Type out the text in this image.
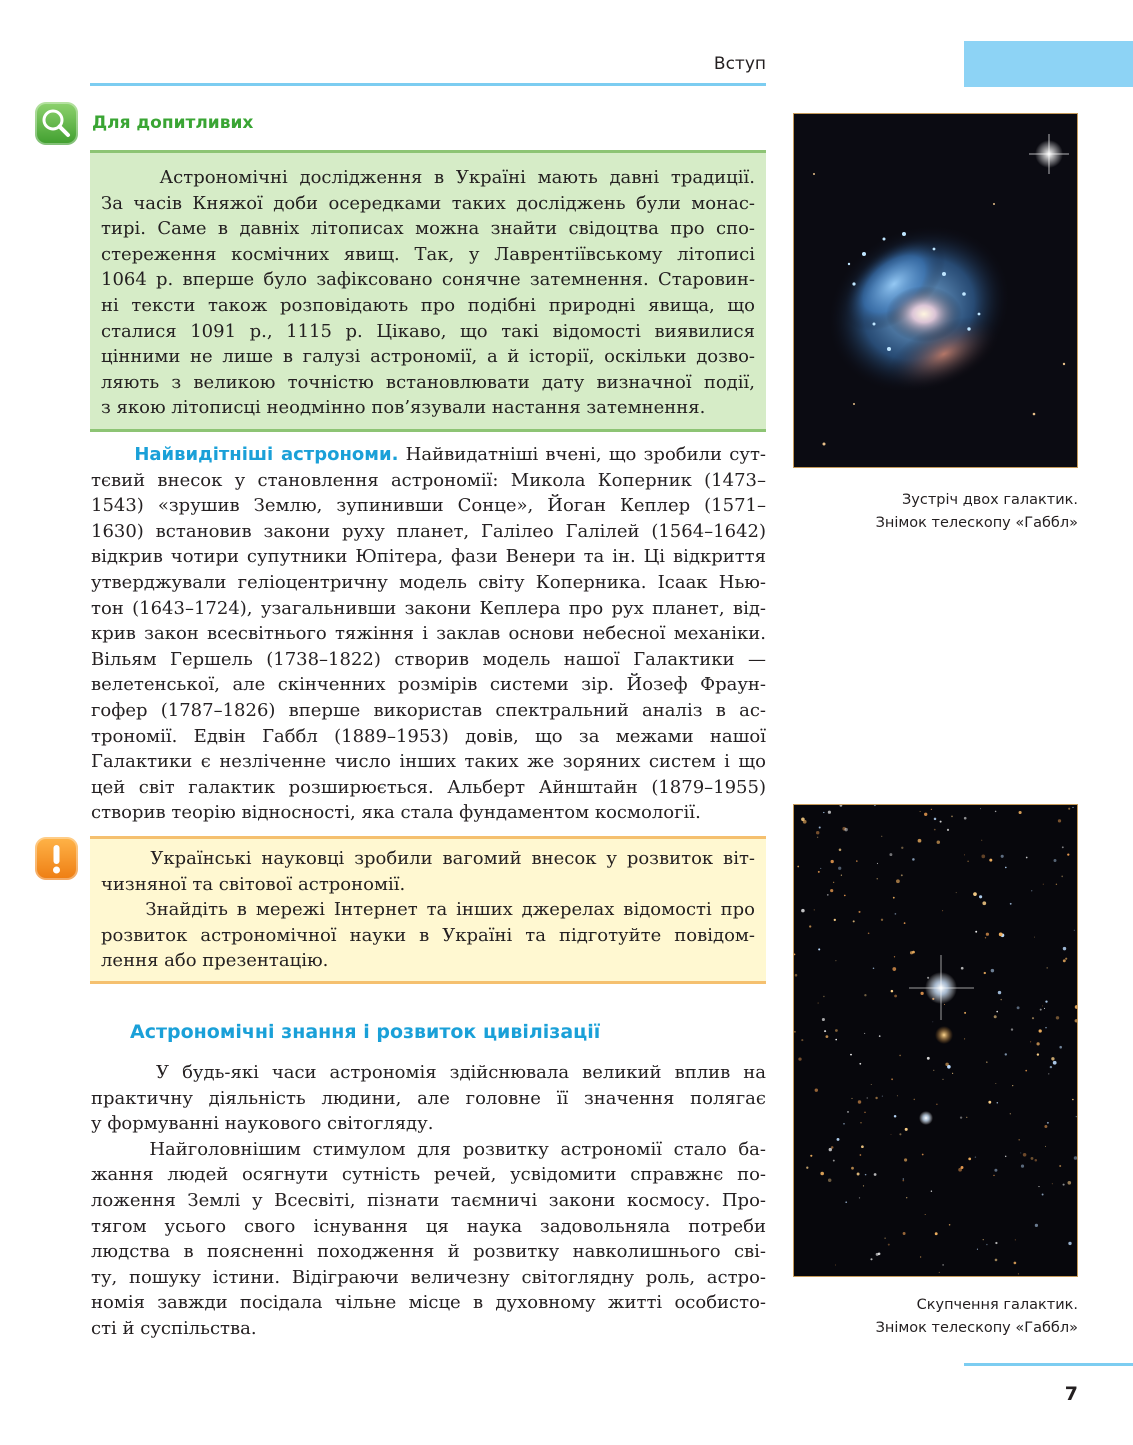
Вступ
Для допитливих
Астрономічні дослідження в Україні мають давні традиції.
За часів Княжої доби осередками таких досліджень були монас-
тирі. Саме в давніх літописах можна знайти свідоцтва про спо-
стереження космічних явищ. Так, у Лаврентіївському літописі
1064 р. вперше було зафіксовано сонячне затемнення. Старовин-
ні тексти також розповідають про подібні природні явища, що
сталися 1091 р., 1115 р. Цікаво, що такі відомості виявилися
цінними не лише в галузі астрономії, а й історії, оскільки дозво-
ляють з великою точністю встановлювати дату визначної події,
з якою літописці неодмінно пов’язували настання затемнення.
Найвидітніші астрономи. Найвидатніші вчені, що зробили сут-
тєвий внесок у становлення астрономії: Микола Коперник (1473–
1543) «зрушив Землю, зупинивши Сонце», Йоган Кеплер (1571–
1630) встановив закони руху планет, Галілео Галілей (1564–1642)
відкрив чотири супутники Юпітера, фази Венери та ін. Ці відкриття
утверджували геліоцентричну модель світу Коперника. Ісаак Нью-
тон (1643–1724), узагальнивши закони Кеплера про рух планет, від-
крив закон всесвітнього тяжіння і заклав основи небесної механіки.
Вільям Гершель (1738–1822) створив модель нашої Галактики —
велетенської, але скінченних розмірів системи зір. Йозеф Фраун-
гофер (1787–1826) вперше використав спектральний аналіз в ас-
трономії. Едвін Габбл (1889–1953) довів, що за межами нашої
Галактики є незліченне число інших таких же зоряних систем і що
цей світ галактик розширюється. Альберт Айнштайн (1879–1955)
створив теорію відносності, яка стала фундаментом космології.
Українські науковці зробили вагомий внесок у розвиток віт-
чизняної та світової астрономії.
Знайдіть в мережі Інтернет та інших джерелах відомості про
розвиток астрономічної науки в Україні та підготуйте повідом-
лення або презентацію.
Астрономічні знання і розвиток цивілізації
У будь-які часи астрономія здійснювала великий вплив на
практичну діяльність людини, але головне її значення полягає
у формуванні наукового світогляду.
Найголовнішим стимулом для розвитку астрономії стало ба-
жання людей осягнути сутність речей, усвідомити справжнє по-
ложення Землі у Всесвіті, пізнати таємничі закони космосу. Про-
тягом усього свого існування ця наука задовольняла потреби
людства в поясненні походження й розвитку навколишнього сві-
ту, пошуку істини. Відіграючи величезну світоглядну роль, астро-
номія завжди посідала чільне місце в духовному житті особисто-
сті й суспільства.
Зустріч двох галактик.
Знімок телескопу «Габбл»
Скупчення галактик.
Знімок телескопу «Габбл»
7
